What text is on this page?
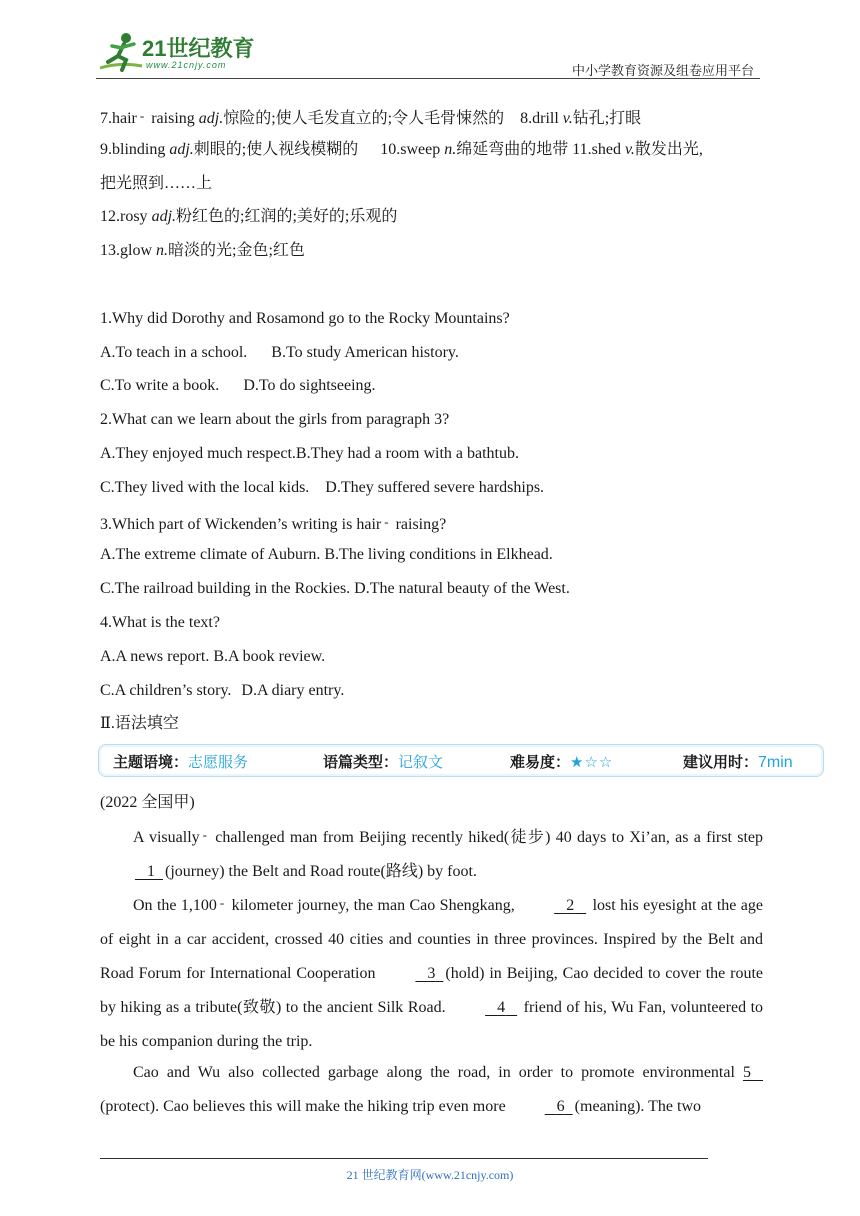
21世纪教育
www.21cnjy.com	中小学教育资源及组卷应用平台
7.hair - raising adj.惊险的;使人毛发直立的;令人毛骨悚然的 8.drill v.钻孔;打眼
9.blinding adj.刺眼的;使人视线模糊的 10.sweep n.绵延弯曲的地带 11.shed v.散发出光,
把光照到……上
12.rosy adj.粉红色的;红润的;美好的;乐观的
13.glow n.暗淡的光;金色;红色
1.Why did Dorothy and Rosamond go to the Rocky Mountains?
A.To teach in a school. B.To study American history.
C.To write a book. D.To do sightseeing.
2.What can we learn about the girls from paragraph 3?
A.They enjoyed much respect.B.They had a room with a bathtub.
C.They lived with the local kids. D.They suffered severe hardships.
3.Which part of Wickenden’s writing is hair - raising?
A.The extreme climate of Auburn. B.The living conditions in Elkhead.
C.The railroad building in the Rockies. D.The natural beauty of the West.
4.What is the text?
A.A news report. B.A book review.
C.A children’s story. D.A diary entry.
Ⅱ.语法填空
主题语境：志愿服务	语篇类型：记叙文	难易度：★☆☆	建议用时：7min
(2022 全国甲)
A visually - challenged man from Beijing recently hiked(徒步) 40 days to Xi’an, as a first step    1 (journey) the Belt and Road route(路线) by foot.
On the 1,100 - kilometer journey, the man Cao Shengkang,	2 lost his eyesight at the age of eight in a car accident, crossed 40 cities and counties in three provinces. Inspired by the Belt and Road Forum for International Cooperation	3 (hold) in Beijing, Cao decided to cover the route by hiking as a tribute(致敬) to the ancient Silk Road.	4 friend of his, Wu Fan, volunteered to be his companion during the trip.
Cao and Wu also collected garbage along the road, in order to promote environmental 5   (protect). Cao believes this will make the hiking trip even more	6 (meaning). The two
21 世纪教育网(www.21cnjy.com)
